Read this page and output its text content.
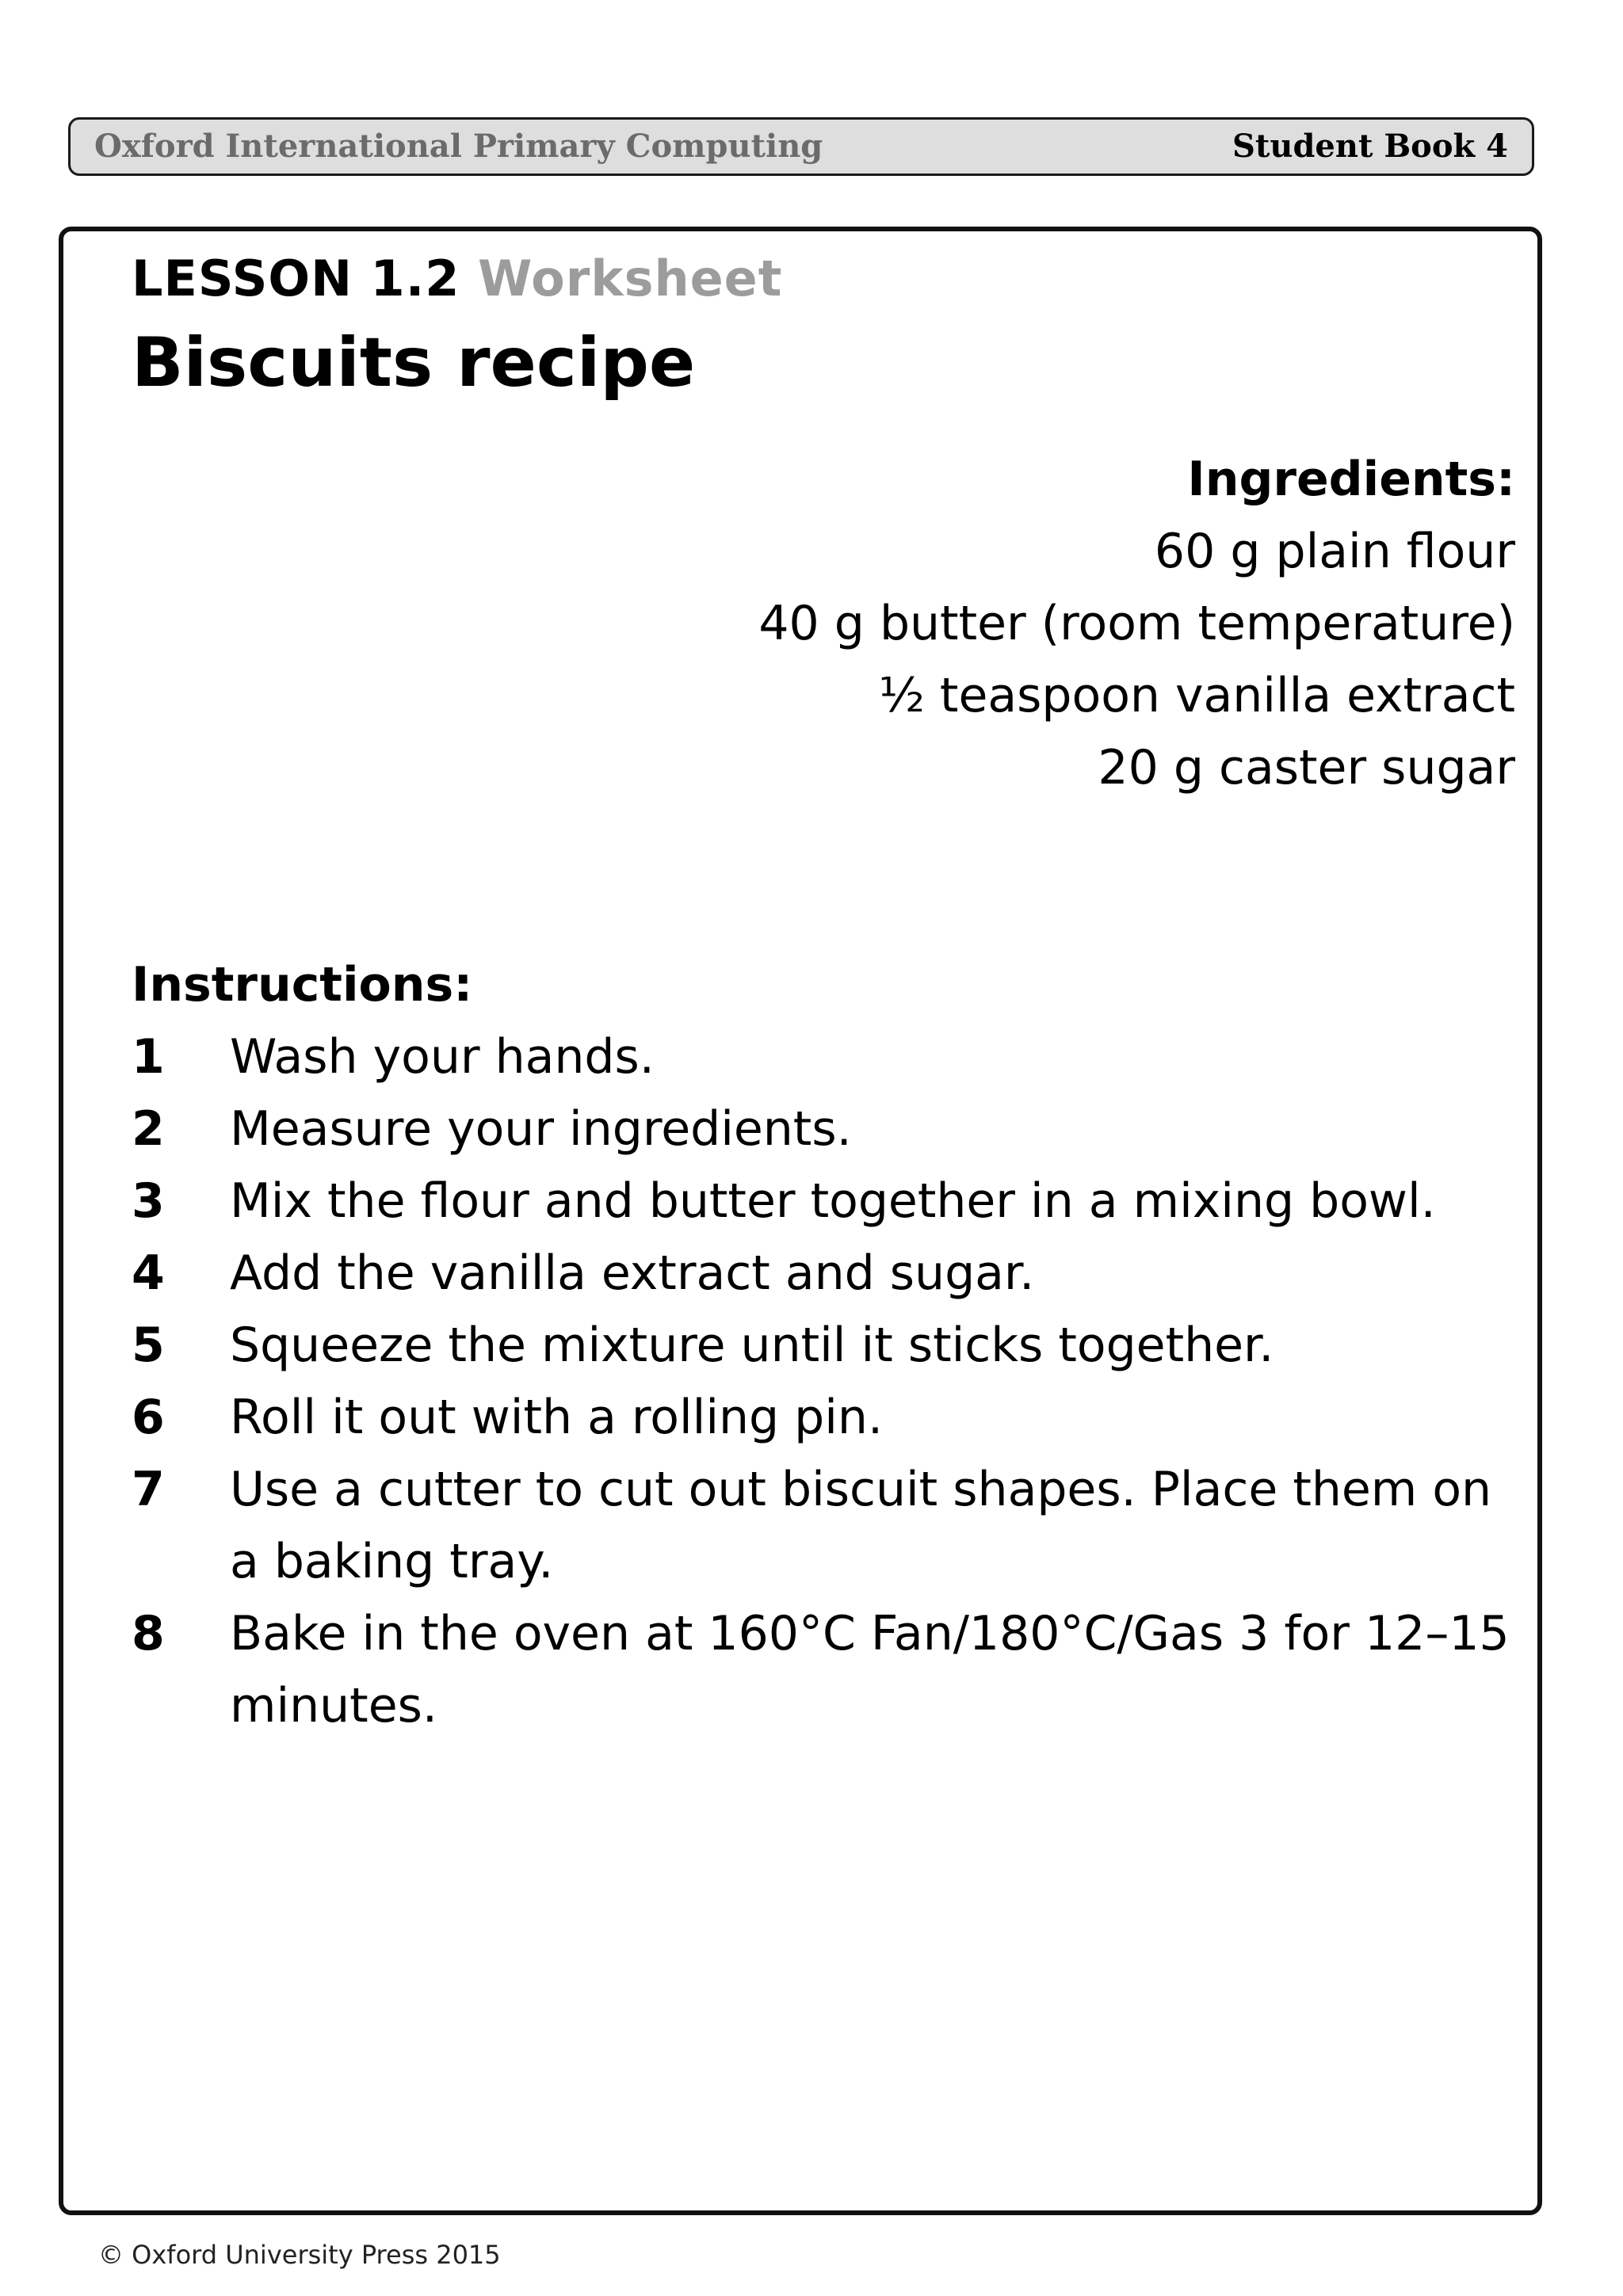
Oxford International Primary Computing	Student Book 4
LESSON 1.2 Worksheet
Biscuits recipe
Ingredients:
60 g plain flour
40 g butter (room temperature)
½ teaspoon vanilla extract
20 g caster sugar
Instructions:
1	Wash your hands.
2	Measure your ingredients.
3	Mix the flour and butter together in a mixing bowl.
4	Add the vanilla extract and sugar.
5	Squeeze the mixture until it sticks together.
6	Roll it out with a rolling pin.
7	Use a cutter to cut out biscuit shapes. Place them on a baking tray.
8	Bake in the oven at 160°C Fan/180°C/Gas 3 for 12–15 minutes.
© Oxford University Press 2015
